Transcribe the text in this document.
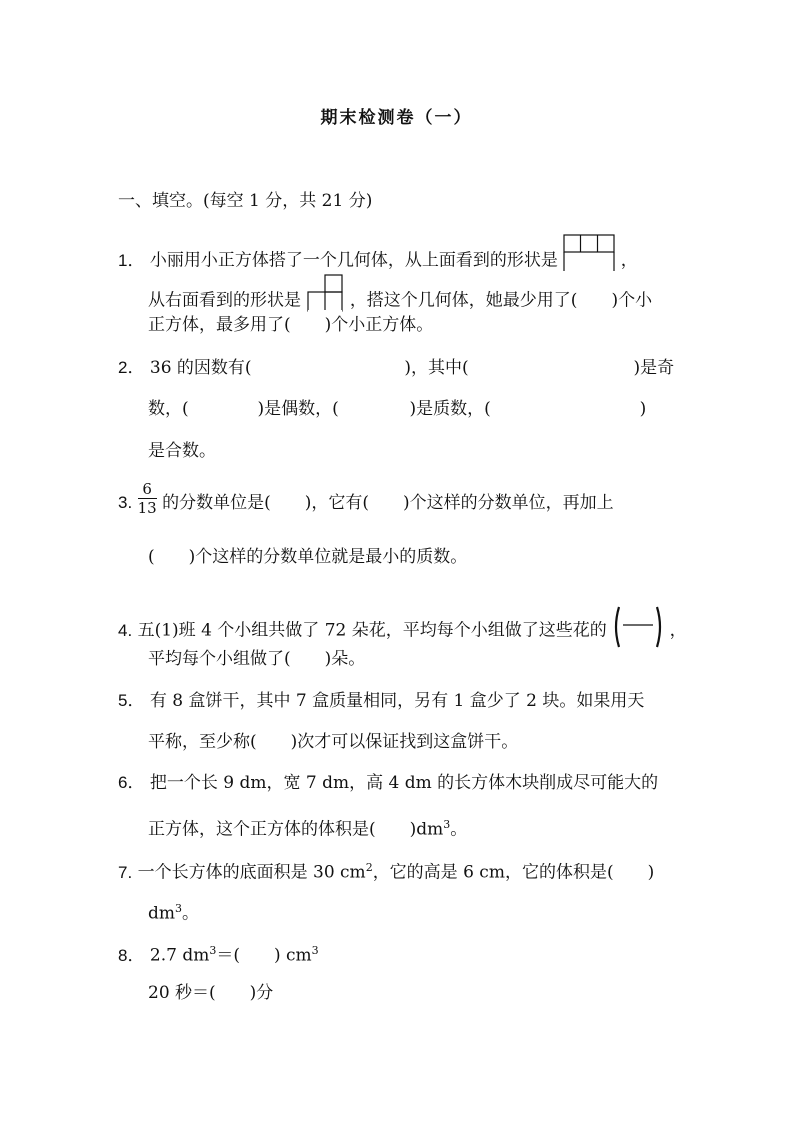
期末检测卷（一）
一、填空。(每空 1 分，共 21 分)
1． 小丽用小正方体搭了一个几何体，从上面看到的形状是	，
从右面看到的形状是	，搭这个几何体，她最少用了(　　)个小
正方体，最多用了(　　)个小正方体。
2． 36 的因数有(	)，其中(	)是奇
数，(	)是偶数，(	)是质数，(	)
是合数。
3. $\frac{6}{13}$ 的分数单位是(　　)，它有(　　)个这样的分数单位，再加上
(　　)个这样的分数单位就是最小的质数。
4. 五(1)班 4 个小组共做了 72 朵花，平均每个小组做了这些花的	，
平均每个小组做了(　　)朵。
5． 有 8 盒饼干，其中 7 盒质量相同，另有 1 盒少了 2 块。如果用天
平称，至少称(　　)次才可以保证找到这盒饼干。
6． 把一个长 9 dm，宽 7 dm，高 4 dm 的长方体木块削成尽可能大的
正方体，这个正方体的体积是(　　)$dm^3$。
7. 一个长方体的底面积是 30 $cm^2$，它的高是 6 cm，它的体积是(　　)
$dm^3$。
8． 2.7 $dm^3=$(　　) $cm^3$
20 秒＝(　　)分
